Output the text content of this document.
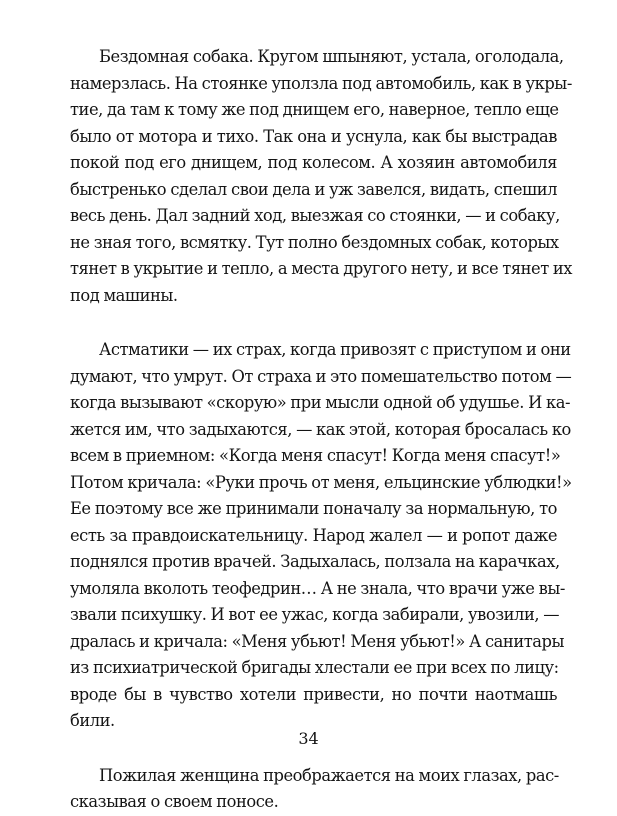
Бездомная собака. Кругом шпыняют, устала, оголодала,
намерзлась. На стоянке уползла под автомобиль, как в укры-
тие, да там к тому же под днищем его, наверное, тепло еще
было от мотора и тихо. Так она и уснула, как бы выстрадав
покой под его днищем, под колесом. А хозяин автомобиля
быстренько сделал свои дела и уж завелся, видать, спешил
весь день. Дал задний ход, выезжая со стоянки, — и собаку,
не зная того, всмятку. Тут полно бездомных собак, которых
тянет в укрытие и тепло, а места другого нету, и все тянет их
под машины.

Астматики — их страх, когда привозят с приступом и они
думают, что умрут. От страха и это помешательство потом —
когда вызывают «скорую» при мысли одной об удушье. И ка-
жется им, что задыхаются, — как этой, которая бросалась ко
всем в приемном: «Когда меня спасут! Когда меня спасут!»
Потом кричала: «Руки прочь от меня, ельцинские ублюдки!»
Ее поэтому все же принимали поначалу за нормальную, то
есть за правдоискательницу. Народ жалел — и ропот даже
поднялся против врачей. Задыхалась, ползала на карачках,
умоляла вколоть теофедрин… А не знала, что врачи уже вы-
звали психушку. И вот ее ужас, когда забирали, увозили, —
дралась и кричала: «Меня убьют! Меня убьют!» А санитары
из психиатрической бригады хлестали ее при всех по лицу:
вроде бы в чувство хотели привести, но почти наотмашь
били.

Пожилая женщина преображается на моих глазах, рас-
сказывая о своем поносе.

34
